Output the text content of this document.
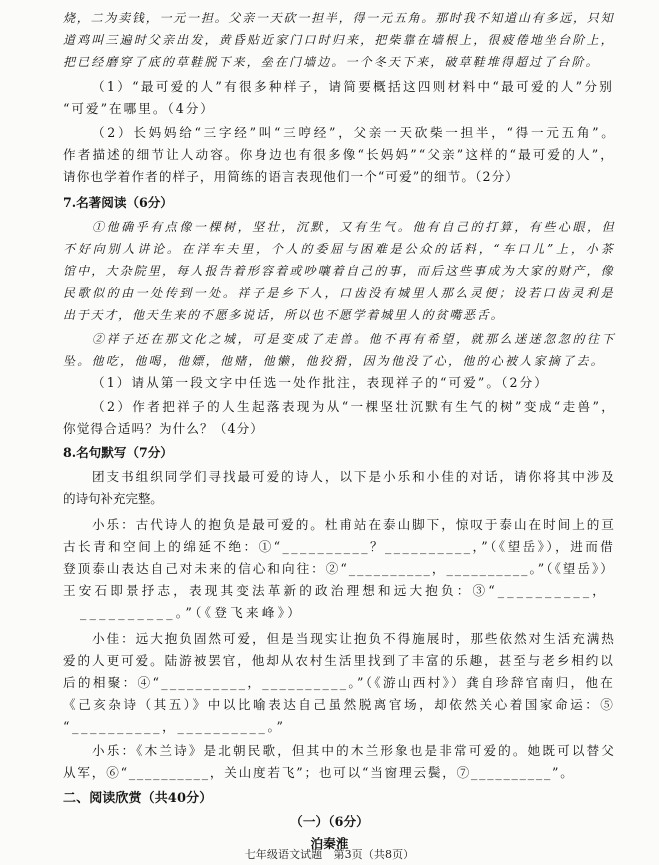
烧，二为卖钱，一元一担。父亲一天砍一担半，得一元五角。那时我不知道山有多远，只知
道鸡叫三遍时父亲出发，黄昏贴近家门口时归来，把柴靠在墙根上，很疲倦地坐台阶上，
把已经磨穿了底的草鞋脱下来，垒在门墙边。一个冬天下来，破草鞋堆得超过了台阶。
（1）“最可爱的人”有很多种样子，请简要概括这四则材料中“最可爱的人”分别
“可爱”在哪里。（4分）
（2）长妈妈给“三字经”叫“三哼经”，父亲一天砍柴一担半，“得一元五角”。
作者描述的细节让人动容。你身边也有很多像“长妈妈”“父亲”这样的“最可爱的人”，
请你也学着作者的样子，用简练的语言表现他们一个“可爱”的细节。（2分）
7.名著阅读（6分）
①他确乎有点像一棵树，坚壮，沉默，又有生气。他有自己的打算，有些心眼，但
不好向别人讲论。在洋车夫里，个人的委屈与困难是公众的话料，“车口儿”上，小茶
馆中，大杂院里，每人报告着形容着或吵嚷着自己的事，而后这些事成为大家的财产，像
民歌似的由一处传到一处。祥子是乡下人，口齿没有城里人那么灵便；设若口齿灵利是
出于天才，他天生来的不愿多说话，所以也不愿学着城里人的贫嘴恶舌。
②祥子还在那文化之城，可是变成了走兽。他不再有希望，就那么迷迷忽忽的往下
坠。他吃，他喝，他嫖，他赌，他懒，他狡猾，因为他没了心，他的心被人家摘了去。
（1）请从第一段文字中任选一处作批注，表现祥子的“可爱”。（2分）
（2）作者把祥子的人生起落表现为从“一棵坚壮沉默有生气的树”变成“走兽”，
你觉得合适吗？为什么？（4分）
8.名句默写（7分）
团支书组织同学们寻找最可爱的诗人，以下是小乐和小佳的对话，请你将其中涉及
的诗句补充完整。
小乐：古代诗人的抱负是最可爱的。杜甫站在泰山脚下，惊叹于泰山在时间上的亘
古长青和空间上的绵延不绝：①“__________？__________，”（《望岳》），进而借
登顶泰山表达自己对未来的信心和向往：②“__________，__________。”（《望岳》）
王安石即景抒志，表现其变法革新的政治理想和远大抱负：③“__________，
__________。”（《登飞来峰》）
小佳：远大抱负固然可爱，但是当现实让抱负不得施展时，那些依然对生活充满热
爱的人更可爱。陆游被罢官，他却从农村生活里找到了丰富的乐趣，甚至与老乡相约以
后的相聚：④“__________，__________。”（《游山西村》）龚自珍辞官南归，他在
《己亥杂诗（其五）》中以比喻表达自己虽然脱离官场，却依然关心着国家命运：⑤
“__________，__________。”
小乐：《木兰诗》是北朝民歌，但其中的木兰形象也是非常可爱的。她既可以替父
从军，⑥“__________，关山度若飞”；也可以“当窗理云鬓，⑦__________”。
二、阅读欣赏（共40分）
（一）（6分）
泊秦淮
七年级语文试题　第3页（共8页）
